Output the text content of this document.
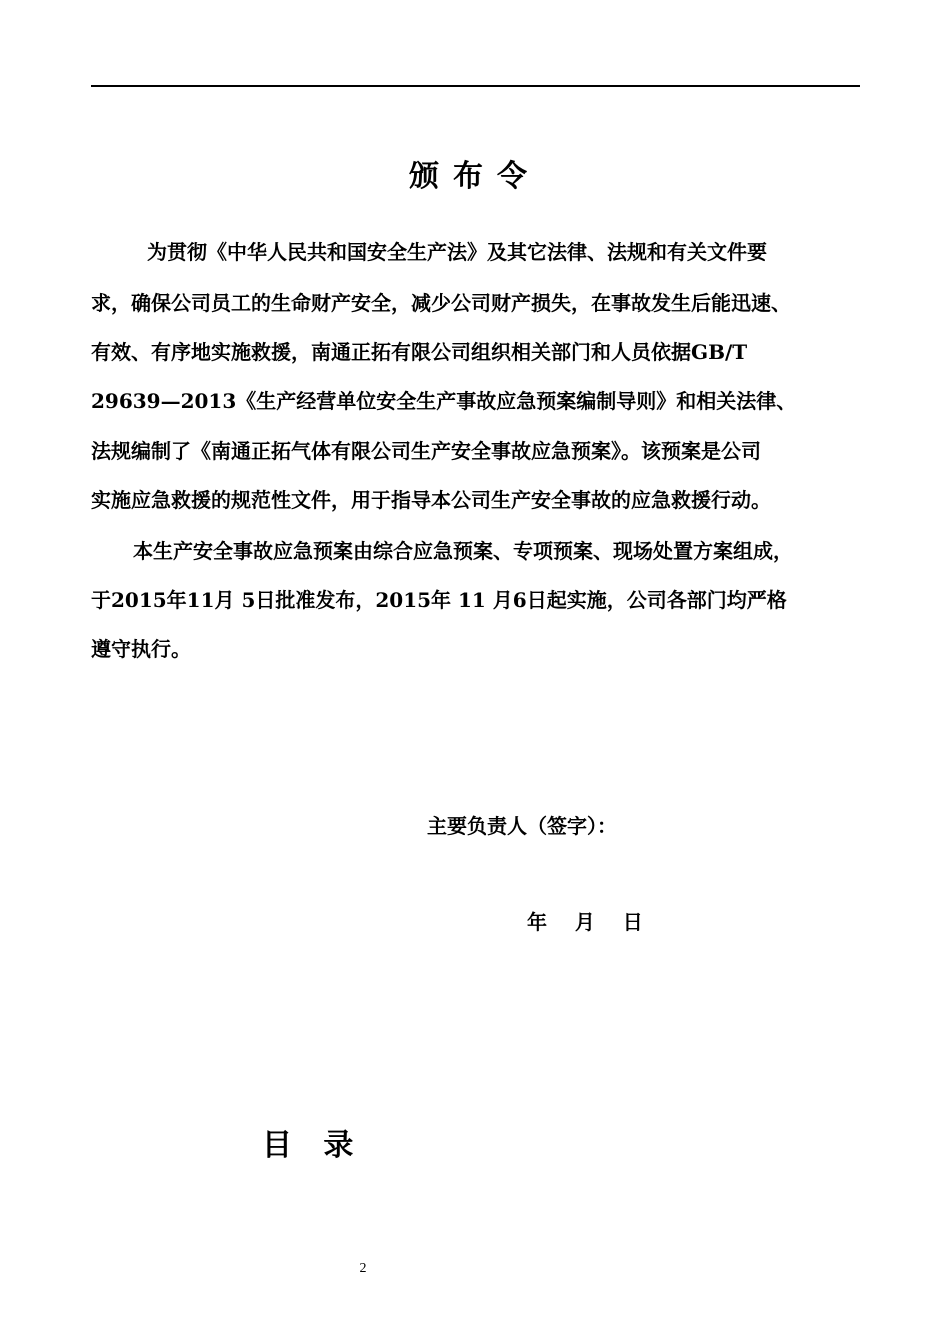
颁布令
为贯彻《中华人民共和国安全生产法》及其它法律、法规和有关文件要
求，确保公司员工的生命财产安全，减少公司财产损失，在事故发生后能迅速、
有效、有序地实施救援，南通正拓有限公司组织相关部门和人员依据GB/T
29639—2013《生产经营单位安全生产事故应急预案编制导则》和相关法律、
法规编制了《南通正拓气体有限公司生产安全事故应急预案》。该预案是公司
实施应急救援的规范性文件，用于指导本公司生产安全事故的应急救援行动。
本生产安全事故应急预案由综合应急预案、专项预案、现场处置方案组成，
于2015年11月 5日批准发布，2015年 11 月6日起实施，公司各部门均严格
遵守执行。
主要负责人（签字）：
年    月    日
目   录
2
